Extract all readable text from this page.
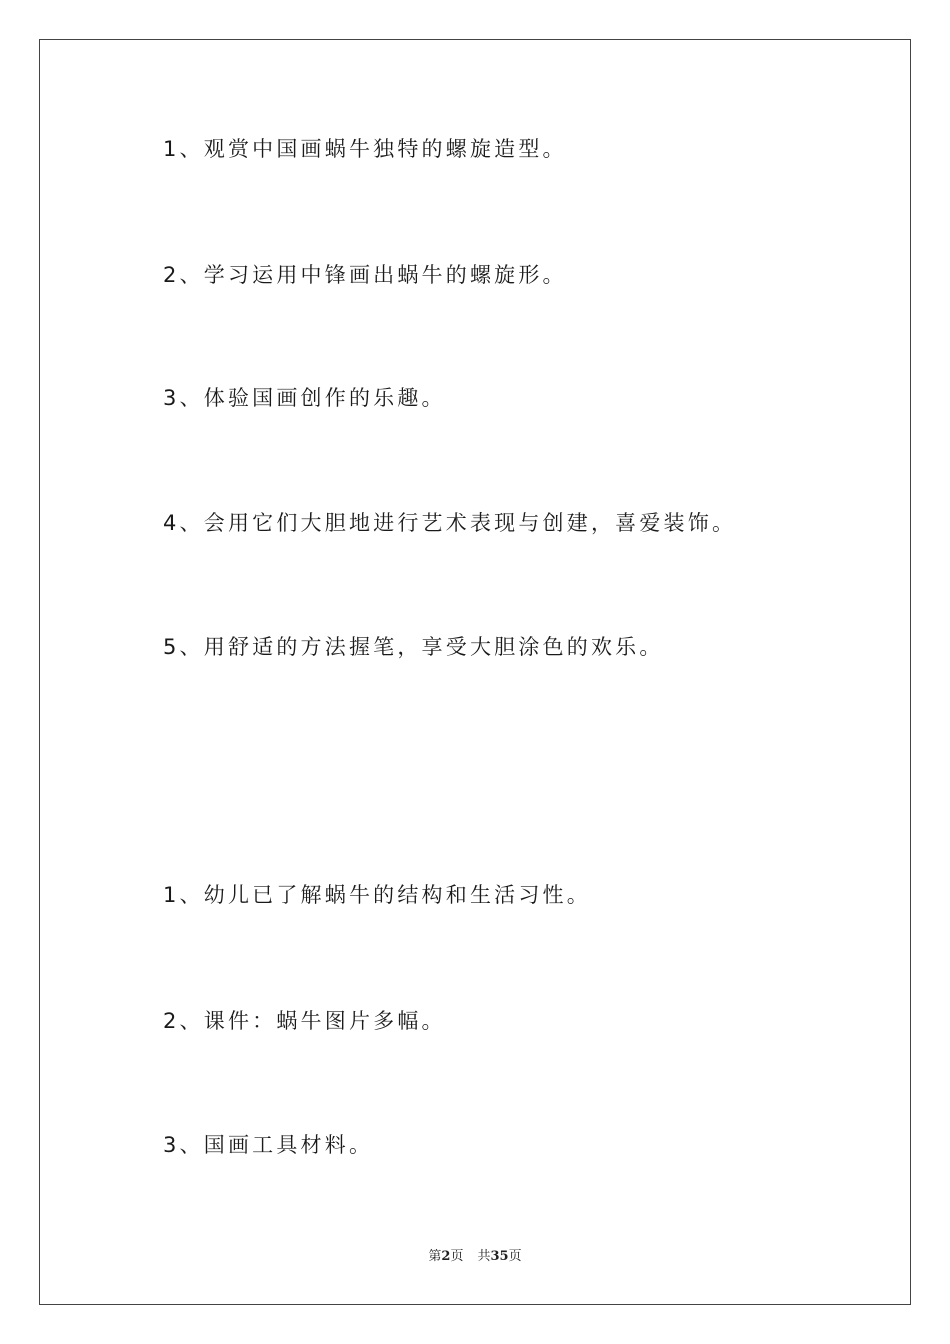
1、观赏中国画蜗牛独特的螺旋造型。
2、学习运用中锋画出蜗牛的螺旋形。
3、体验国画创作的乐趣。
4、会用它们大胆地进行艺术表现与创建，喜爱装饰。
5、用舒适的方法握笔，享受大胆涂色的欢乐。
1、幼儿已了解蜗牛的结构和生活习性。
2、课件：蜗牛图片多幅。
3、国画工具材料。
第2页 共35页
